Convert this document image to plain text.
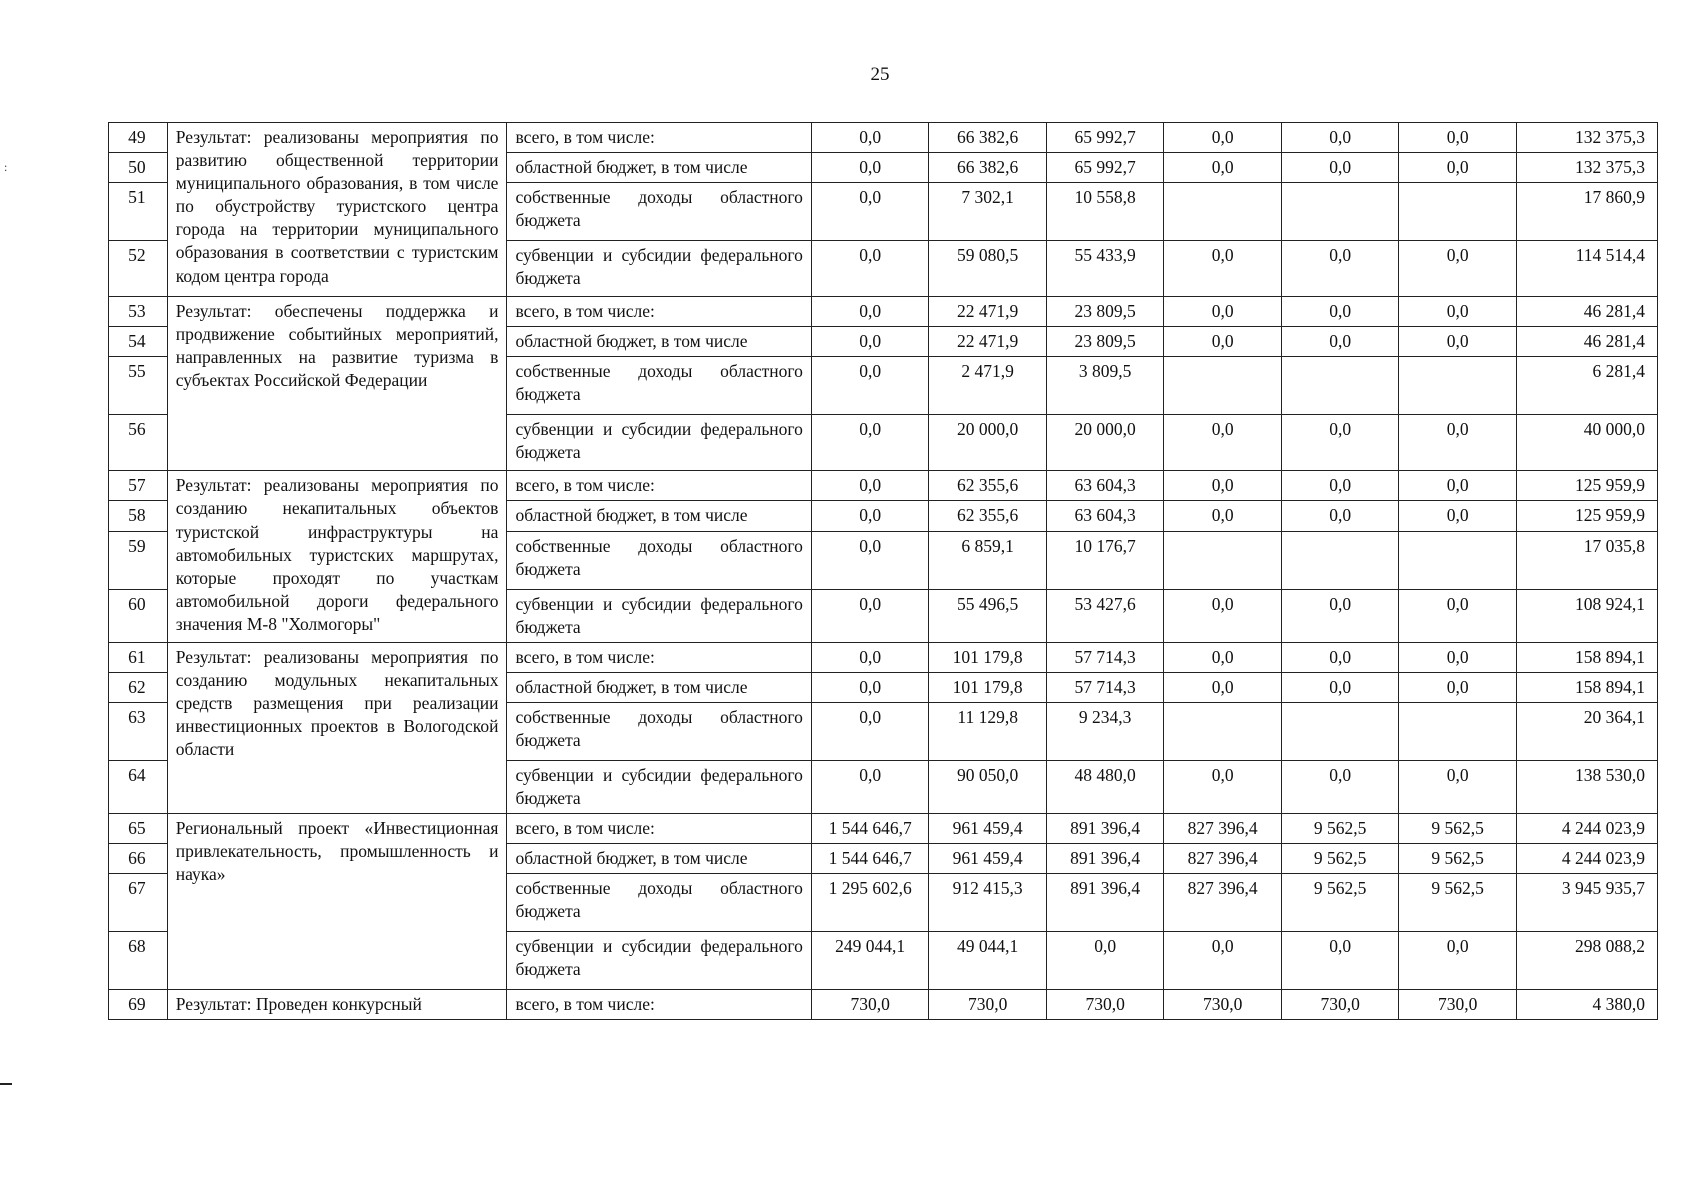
25
49	Результат: реализованы мероприятия по развитию общественной территории муниципального образования, в том числе по обустройству туристского центра города на территории муниципального образования в соответствии с туристским кодом центра города	всего, в том числе:	0,0	66 382,6	65 992,7	0,0	0,0	0,0	132 375,3
50		областной бюджет, в том числе	0,0	66 382,6	65 992,7	0,0	0,0	0,0	132 375,3
51		собственные доходы областного бюджета	0,0	7 302,1	10 558,8				17 860,9
52		субвенции и субсидии федерального бюджета	0,0	59 080,5	55 433,9	0,0	0,0	0,0	114 514,4
53	Результат: обеспечены поддержка и продвижение событийных мероприятий, направленных на развитие туризма в субъектах Российской Федерации	всего, в том числе:	0,0	22 471,9	23 809,5	0,0	0,0	0,0	46 281,4
54		областной бюджет, в том числе	0,0	22 471,9	23 809,5	0,0	0,0	0,0	46 281,4
55		собственные доходы областного бюджета	0,0	2 471,9	3 809,5				6 281,4
56		субвенции и субсидии федерального бюджета	0,0	20 000,0	20 000,0	0,0	0,0	0,0	40 000,0
57	Результат: реализованы мероприятия по созданию некапитальных объектов туристской инфраструктуры на автомобильных туристских маршрутах, которые проходят по участкам автомобильной дороги федерального значения М-8 "Холмогоры"	всего, в том числе:	0,0	62 355,6	63 604,3	0,0	0,0	0,0	125 959,9
58		областной бюджет, в том числе	0,0	62 355,6	63 604,3	0,0	0,0	0,0	125 959,9
59		собственные доходы областного бюджета	0,0	6 859,1	10 176,7				17 035,8
60		субвенции и субсидии федерального бюджета	0,0	55 496,5	53 427,6	0,0	0,0	0,0	108 924,1
61	Результат: реализованы мероприятия по созданию модульных некапитальных средств размещения при реализации инвестиционных проектов в Вологодской области	всего, в том числе:	0,0	101 179,8	57 714,3	0,0	0,0	0,0	158 894,1
62		областной бюджет, в том числе	0,0	101 179,8	57 714,3	0,0	0,0	0,0	158 894,1
63		собственные доходы областного бюджета	0,0	11 129,8	9 234,3				20 364,1
64		субвенции и субсидии федерального бюджета	0,0	90 050,0	48 480,0	0,0	0,0	0,0	138 530,0
65	Региональный проект «Инвестиционная привлекательность, промышленность и наука»	всего, в том числе:	1 544 646,7	961 459,4	891 396,4	827 396,4	9 562,5	9 562,5	4 244 023,9
66		областной бюджет, в том числе	1 544 646,7	961 459,4	891 396,4	827 396,4	9 562,5	9 562,5	4 244 023,9
67		собственные доходы областного бюджета	1 295 602,6	912 415,3	891 396,4	827 396,4	9 562,5	9 562,5	3 945 935,7
68		субвенции и субсидии федерального бюджета	249 044,1	49 044,1	0,0	0,0	0,0	0,0	298 088,2
69	Результат: Проведен конкурсный	всего, в том числе:	730,0	730,0	730,0	730,0	730,0	730,0	4 380,0
:
